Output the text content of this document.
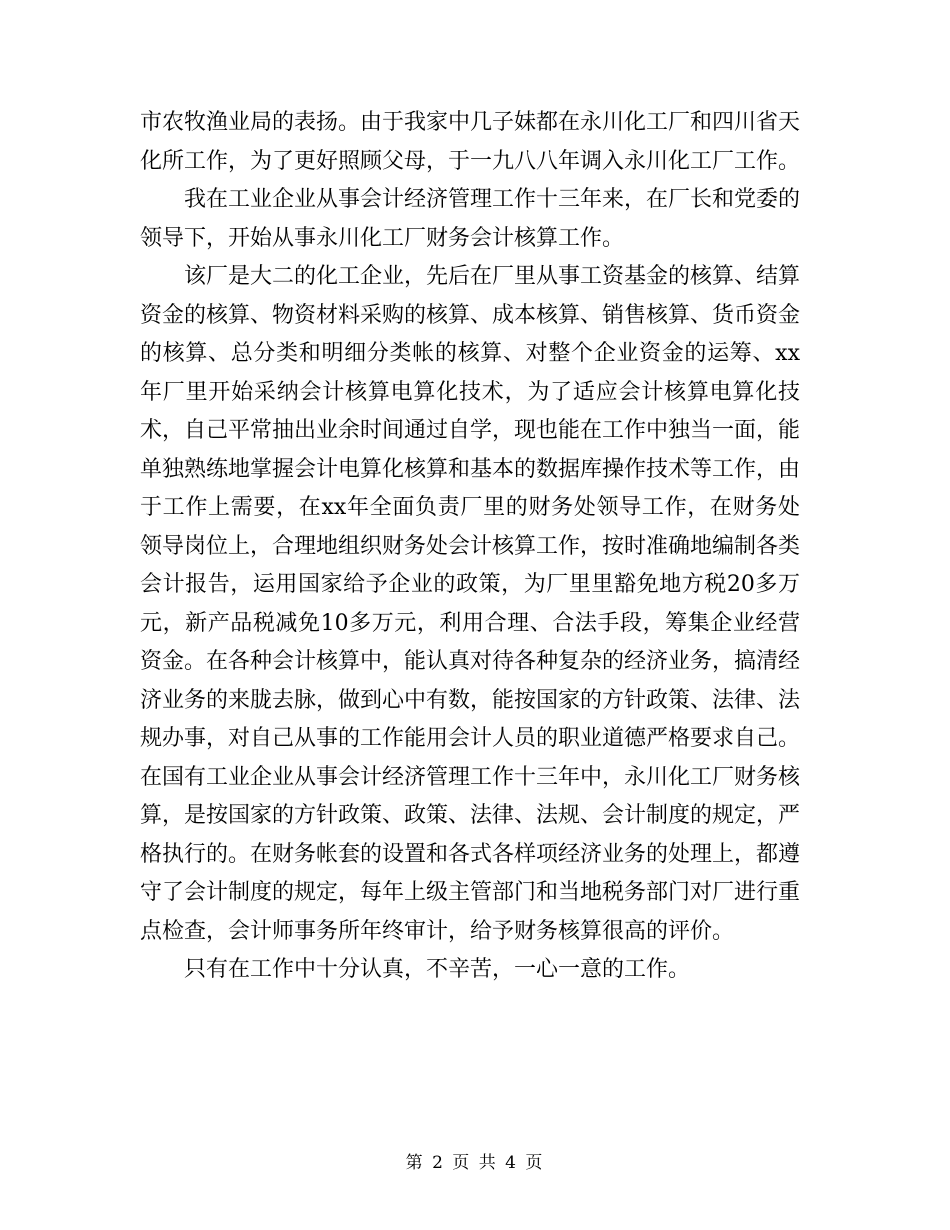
市农牧渔业局的表扬。由于我家中几子妹都在永川化工厂和四川省天化所工作，为了更好照顾父母，于一九八八年调入永川化工厂工作。

我在工业企业从事会计经济管理工作十三年来，在厂长和党委的领导下，开始从事永川化工厂财务会计核算工作。

该厂是大二的化工企业，先后在厂里从事工资基金的核算、结算资金的核算、物资材料采购的核算、成本核算、销售核算、货币资金的核算、总分类和明细分类帐的核算、对整个企业资金的运筹、xx年厂里开始采纳会计核算电算化技术，为了适应会计核算电算化技术，自己平常抽出业余时间通过自学，现也能在工作中独当一面，能单独熟练地掌握会计电算化核算和基本的数据库操作技术等工作，由于工作上需要，在xx年全面负责厂里的财务处领导工作，在财务处领导岗位上，合理地组织财务处会计核算工作，按时准确地编制各类会计报告，运用国家给予企业的政策，为厂里里豁免地方税20多万元，新产品税减免10多万元，利用合理、合法手段，筹集企业经营资金。在各种会计核算中，能认真对待各种复杂的经济业务，搞清经济业务的来胧去脉，做到心中有数，能按国家的方针政策、法律、法规办事，对自己从事的工作能用会计人员的职业道德严格要求自己。在国有工业企业从事会计经济管理工作十三年中，永川化工厂财务核算，是按国家的方针政策、政策、法律、法规、会计制度的规定，严格执行的。在财务帐套的设置和各式各样项经济业务的处理上，都遵守了会计制度的规定，每年上级主管部门和当地税务部门对厂进行重点检查，会计师事务所年终审计，给予财务核算很高的评价。

只有在工作中十分认真，不辛苦，一心一意的工作。

第 2 页 共 4 页
